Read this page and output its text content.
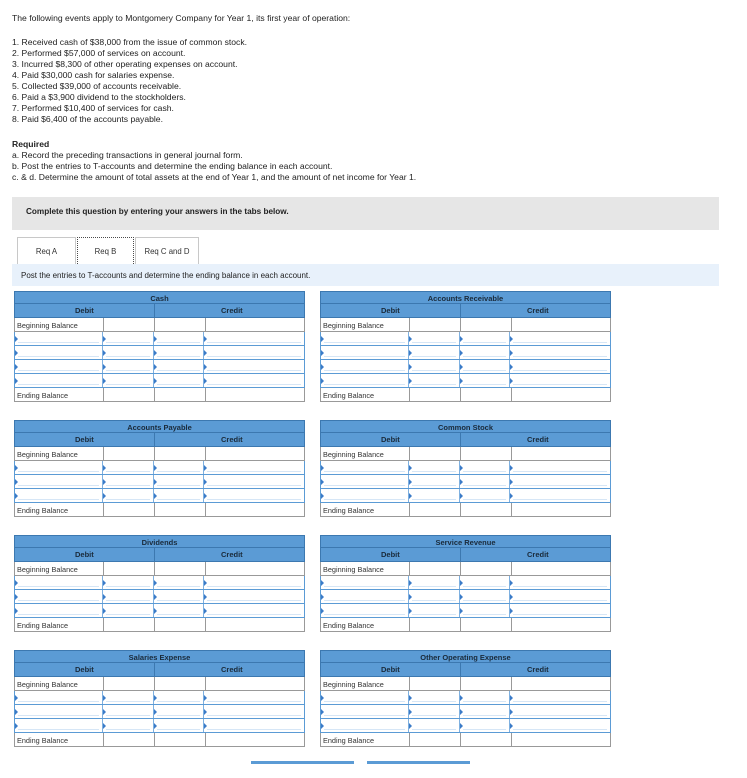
The following events apply to Montgomery Company for Year 1, its first year of operation:
1. Received cash of $38,000 from the issue of common stock.
2. Performed $57,000 of services on account.
3. Incurred $8,300 of other operating expenses on account.
4. Paid $30,000 cash for salaries expense.
5. Collected $39,000 of accounts receivable.
6. Paid a $3,900 dividend to the stockholders.
7. Performed $10,400 of services for cash.
8. Paid $6,400 of the accounts payable.
Required
a. Record the preceding transactions in general journal form.
b. Post the entries to T-accounts and determine the ending balance in each account.
c. & d. Determine the amount of total assets at the end of Year 1, and the amount of net income for Year 1.
Complete this question by entering your answers in the tabs below.
Req A	Req B	Req C and D
Post the entries to T-accounts and determine the ending balance in each account.
Cash
Debit	Credit
Beginning Balance
Ending Balance
Accounts Receivable
Debit	Credit
Beginning Balance
Ending Balance
Accounts Payable
Debit	Credit
Beginning Balance
Ending Balance
Common Stock
Debit	Credit
Beginning Balance
Ending Balance
Dividends
Debit	Credit
Beginning Balance
Ending Balance
Service Revenue
Debit	Credit
Beginning Balance
Ending Balance
Salaries Expense
Debit	Credit
Beginning Balance
Ending Balance
Other Operating Expense
Debit	Credit
Beginning Balance
Ending Balance
